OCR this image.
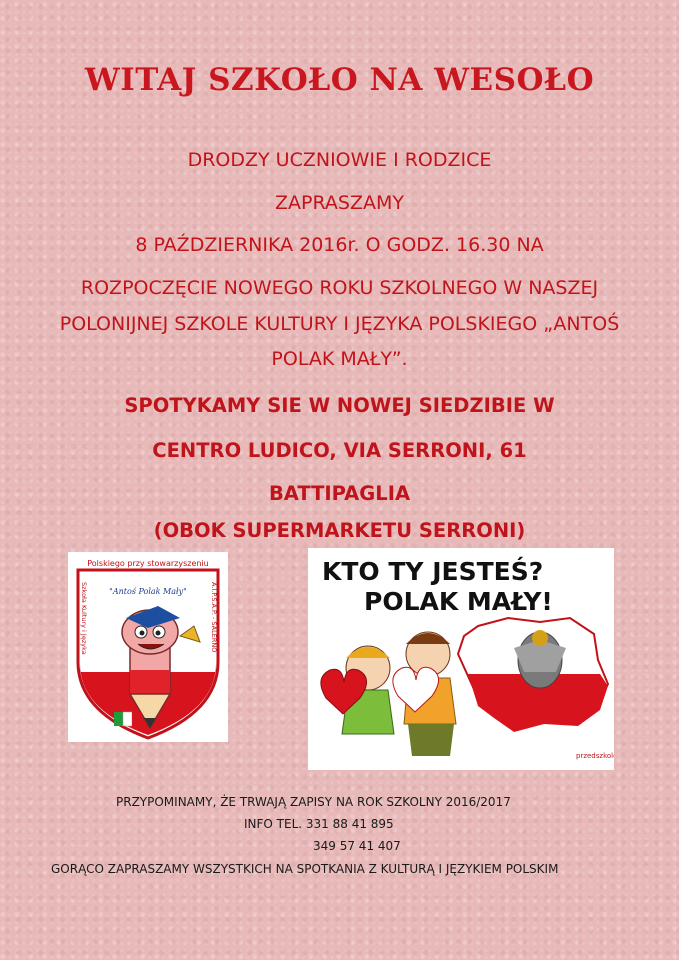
WITAJ SZKOŁO NA WESOŁO
DRODZY UCZNIOWIE I RODZICE
ZAPRASZAMY
8 PAŹDZIERNIKA 2016r. O GODZ. 16.30 NA
ROZPOCZĘCIE NOWEGO ROKU SZKOLNEGO W NASZEJ
POLONIJNEJ SZKOLE KULTURY I JĘZYKA POLSKIEGO „ANTOŚ
POLAK MAŁY”.
SPOTYKAMY SIE W NOWEJ SIEDZIBIE W
CENTRO LUDICO, VIA SERRONI, 61
BATTIPAGLIA
(OBOK SUPERMARKETU SERRONI)
Polskiego przy stowarzyszeniu
"Antoś Polak Mały"
Szkoła Kultury i Języka	A.I.P.S.A.P. - SALERNO
KTO TY JESTEŚ?
POLAK MAŁY!
przedszkole
PRZYPOMINAMY, ŻE TRWAJĄ ZAPISY NA ROK SZKOLNY 2016/2017
INFO TEL. 331 88 41 895
349 57 41 407
GORĄCO ZAPRASZAMY WSZYSTKICH NA SPOTKANIA Z KULTURĄ I JĘZYKIEM POLSKIM
